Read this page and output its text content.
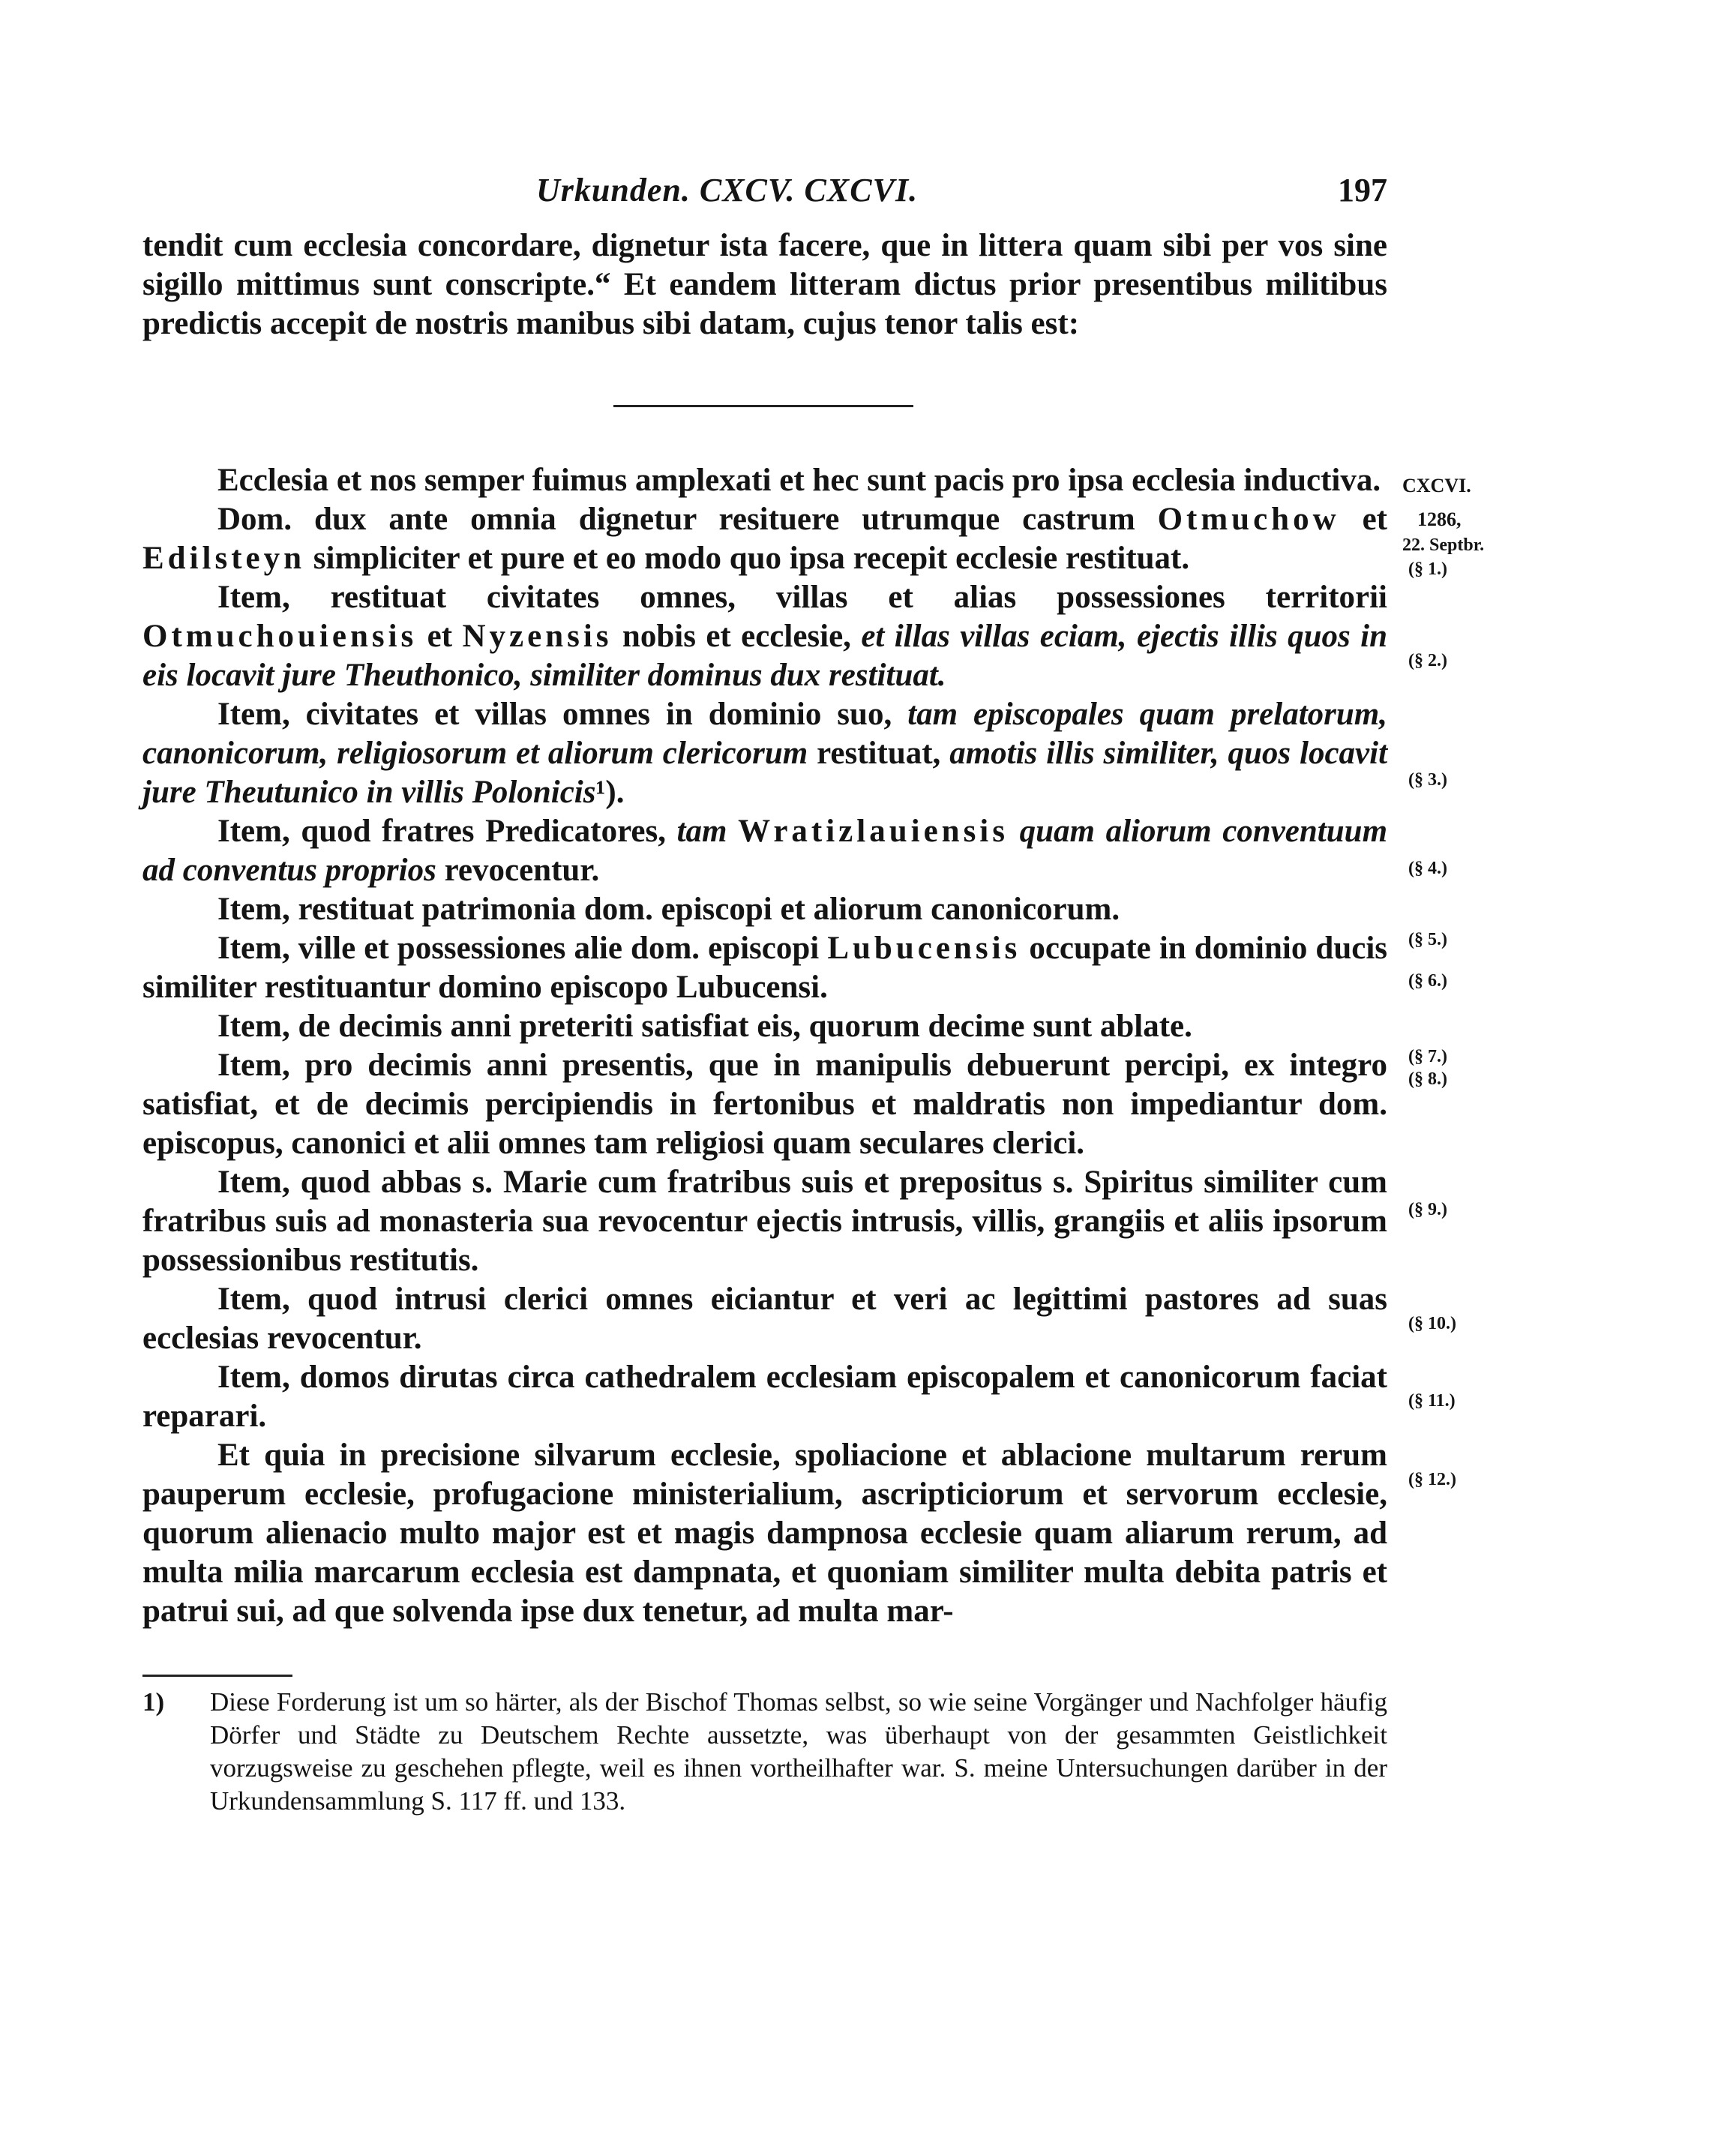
Urkunden. CXCV. CXCVI.	197

tendit cum ecclesia concordare, dignetur ista facere, que in littera quam sibi per vos sine sigillo mittimus sunt conscripte.“ Et eandem litteram dictus prior presentibus militibus predictis accepit de nostris manibus sibi datam, cujus tenor talis est:

CXCVI.
1286,
22. Septbr.
(§ 1.)
(§ 2.)
(§ 3.)
(§ 4.)
(§ 5.)
(§ 6.)
(§ 7.)
(§ 8.)
(§ 9.)
(§ 10.)
(§ 11.)
(§ 12.)

Ecclesia et nos semper fuimus amplexati et hec sunt pacis pro ipsa ecclesia inductiva.

Dom. dux ante omnia dignetur resituere utrumque castrum Otmuchow et Edilsteyn simpliciter et pure et eo modo quo ipsa recepit ecclesie restituat.

Item, restituat civitates omnes, villas et alias possessiones territorii Otmuchouiensis et Nyzensis nobis et ecclesie, et illas villas eciam, ejectis illis quos in eis locavit jure Theuthonico, similiter dominus dux restituat.

Item, civitates et villas omnes in dominio suo, tam episcopales quam prelatorum, canonicorum, religiosorum et aliorum clericorum restituat, amotis illis similiter, quos locavit jure Theutunico in villis Polonicis¹).

Item, quod fratres Predicatores, tam Wratizlauiensis quam aliorum conventuum ad conventus proprios revocentur.

Item, restituat patrimonia dom. episcopi et aliorum canonicorum.

Item, ville et possessiones alie dom. episcopi Lubucensis occupate in dominio ducis similiter restituantur domino episcopo Lubucensi.

Item, de decimis anni preteriti satisfiat eis, quorum decime sunt ablate.

Item, pro decimis anni presentis, que in manipulis debuerunt percipi, ex integro satisfiat, et de decimis percipiendis in fertonibus et maldratis non impediantur dom. episcopus, canonici et alii omnes tam religiosi quam seculares clerici.

Item, quod abbas s. Marie cum fratribus suis et prepositus s. Spiritus similiter cum fratribus suis ad monasteria sua revocentur ejectis intrusis, villis, grangiis et aliis ipsorum possessionibus restitutis.

Item, quod intrusi clerici omnes eiciantur et veri ac legittimi pastores ad suas ecclesias revocentur.

Item, domos dirutas circa cathedralem ecclesiam episcopalem et canonicorum faciat reparari.

Et quia in precisione silvarum ecclesie, spoliacione et ablacione multarum rerum pauperum ecclesie, profugacione ministerialium, ascripticiorum et servorum ecclesie, quorum alienacio multo major est et magis dampnosa ecclesie quam aliarum rerum, ad multa milia marcarum ecclesia est dampnata, et quoniam similiter multa debita patris et patrui sui, ad que solvenda ipse dux tenetur, ad multa mar-

1) Diese Forderung ist um so härter, als der Bischof Thomas selbst, so wie seine Vorgänger und Nachfolger häufig Dörfer und Städte zu Deutschem Rechte aussetzte, was überhaupt von der gesammten Geistlichkeit vorzugsweise zu geschehen pflegte, weil es ihnen vortheilhafter war. S. meine Untersuchungen darüber in der Urkundensammlung S. 117 ff. und 133.
